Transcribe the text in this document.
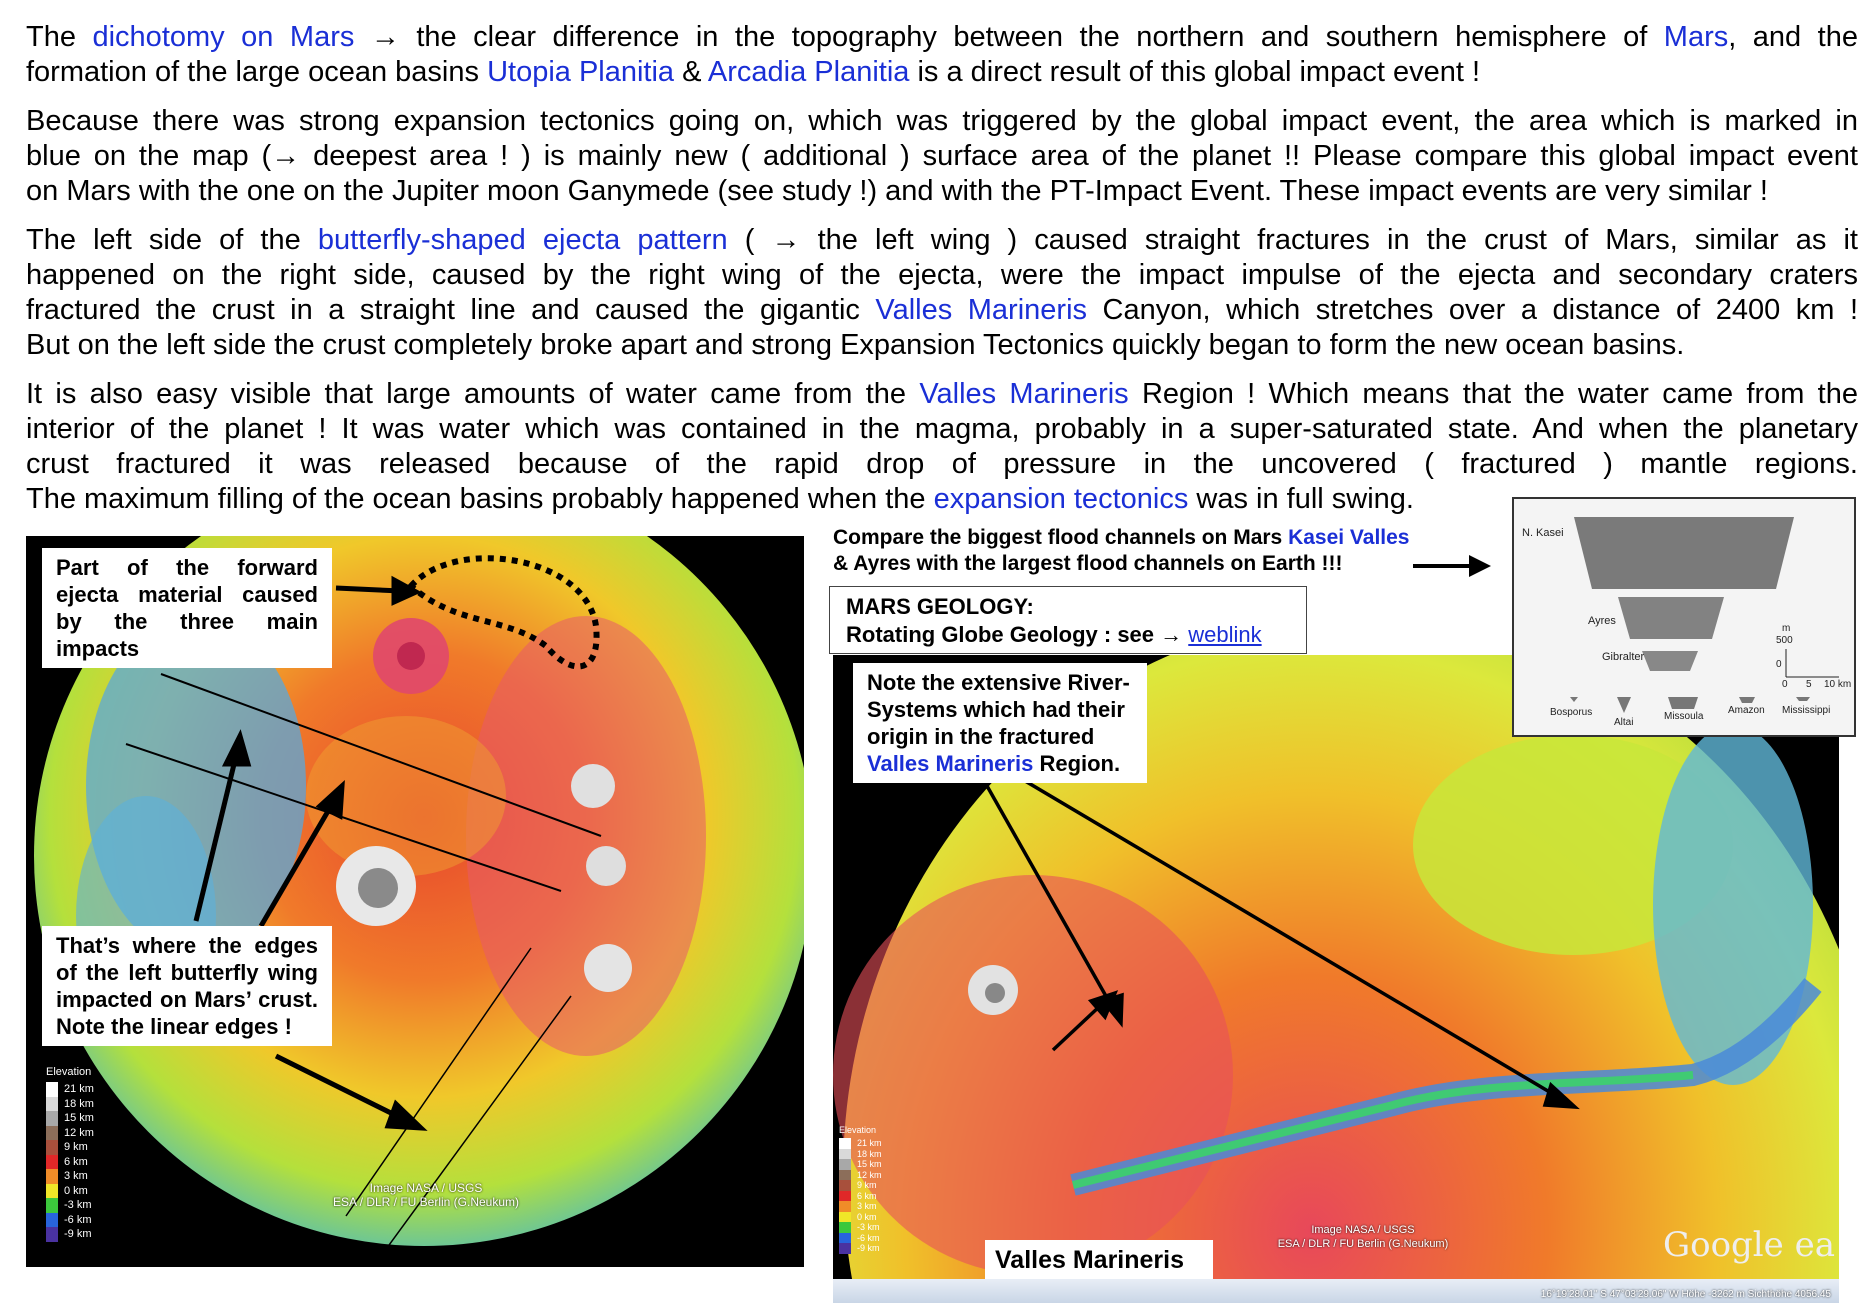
The dichotomy on Mars → the clear difference in the topography between the northern and southern hemisphere of Mars, and the
formation of the large ocean basins Utopia Planitia & Arcadia Planitia is a direct result of this global impact event !
Because there was strong expansion tectonics going on, which was triggered by the global impact event, the area which is marked in
blue on the map (→ deepest area ! ) is mainly new ( additional ) surface area of the planet !! Please compare this global impact event
on Mars with the one on the Jupiter moon Ganymede (see study !) and with the PT-Impact Event. These impact events are very similar !
The left side of the butterfly-shaped ejecta pattern ( → the left wing ) caused straight fractures in the crust of Mars, similar as it
happened on the right side, caused by the right wing of the ejecta, were the impact impulse of the ejecta and secondary craters
fractured the crust in a straight line and caused the gigantic Valles Marineris Canyon, which stretches over a distance of 2400 km !
But on the left side the crust completely broke apart and strong Expansion Tectonics quickly began to form the new ocean basins.
It is also easy visible that large amounts of water came from the Valles Marineris Region ! Which means that the water came from the
interior of the planet ! It was water which was contained in the magma, probably in a super-saturated state. And when the planetary
crust fractured it was released because of the rapid drop of pressure in the uncovered ( fractured ) mantle regions.
The maximum filling of the ocean basins probably happened when the expansion tectonics was in full swing.
Part of the forward ejecta material caused by the three main impacts
That’s where the edges of the left butterfly wing impacted on Mars’ crust. Note the linear edges !
Elevation
21 km
18 km
15 km
12 km
9 km
6 km
3 km
0 km
-3 km
-6 km
-9 km
Image NASA / USGS
ESA / DLR / FU Berlin (G.Neukum)
Note the extensive River-Systems which had their origin in the fractured Valles Marineris Region.
Valles Marineris
Elevation
21 km
18 km
15 km
12 km
9 km
6 km
3 km
0 km
-3 km
-6 km
-9 km
Image NASA / USGS
ESA / DLR / FU Berlin (G.Neukum)	Google ea
16°19'28.01" S 47°03'29.06" W Höhe -3262 m Sichthöhe 4056.45
Compare the biggest flood channels on Mars Kasei Valles
& Ayres with the largest flood channels on Earth !!!
MARS GEOLOGY:
Rotating Globe Geology : see → weblink
N. Kasei
Ayres
Gibralter
Bosporus
Altai
Missoula
Amazon Mississippi
m
500
0
0 5 10 km
